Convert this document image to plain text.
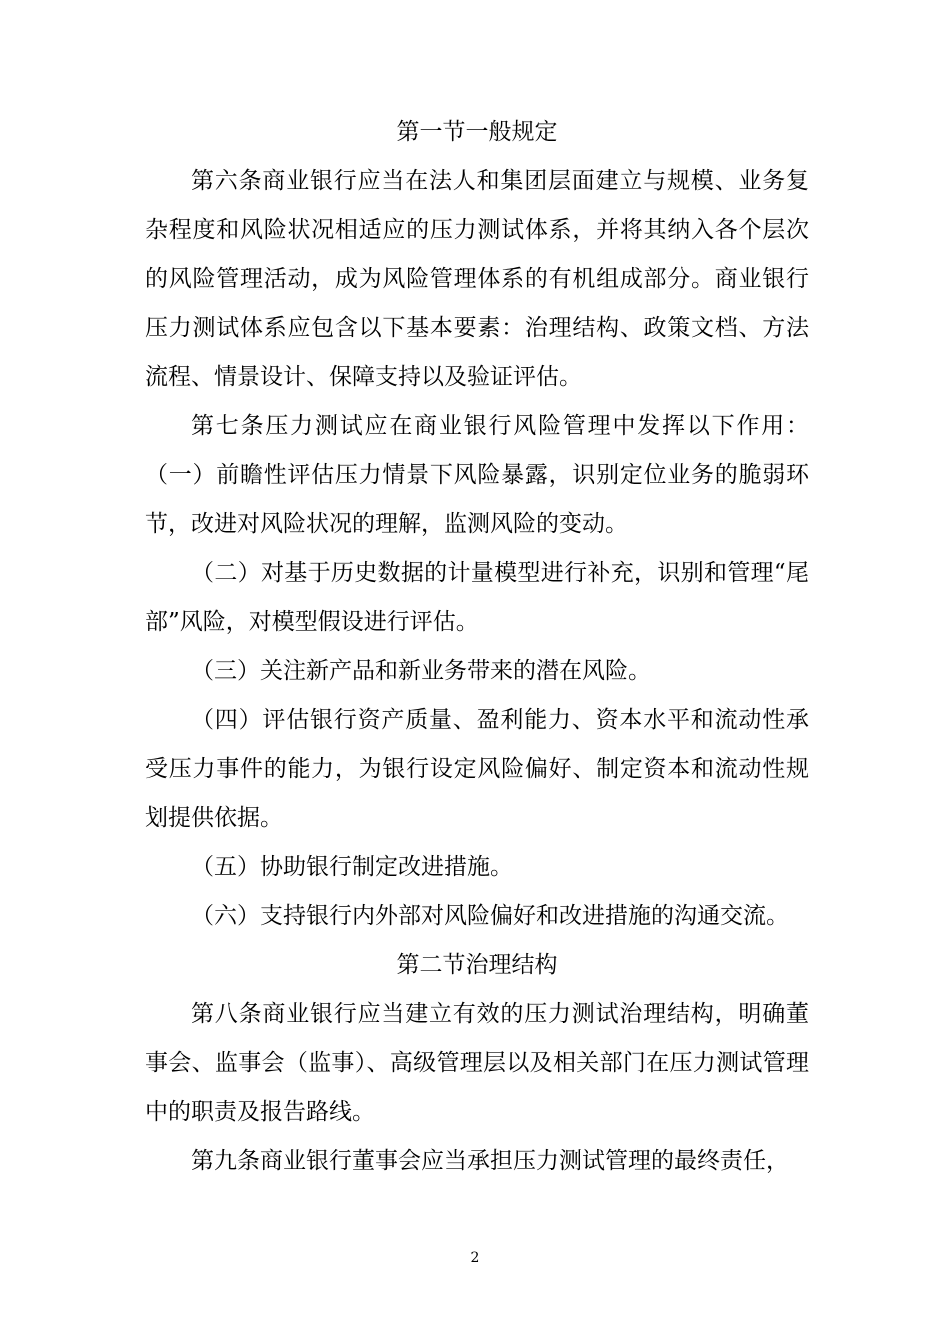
第一节一般规定

第六条商业银行应当在法人和集团层面建立与规模、业务复杂程度和风险状况相适应的压力测试体系，并将其纳入各个层次的风险管理活动，成为风险管理体系的有机组成部分。商业银行压力测试体系应包含以下基本要素：治理结构、政策文档、方法流程、情景设计、保障支持以及验证评估。

第七条压力测试应在商业银行风险管理中发挥以下作用：（一）前瞻性评估压力情景下风险暴露，识别定位业务的脆弱环节，改进对风险状况的理解，监测风险的变动。

（二）对基于历史数据的计量模型进行补充，识别和管理“尾部”风险，对模型假设进行评估。

（三）关注新产品和新业务带来的潜在风险。

（四）评估银行资产质量、盈利能力、资本水平和流动性承受压力事件的能力，为银行设定风险偏好、制定资本和流动性规划提供依据。

（五）协助银行制定改进措施。

（六）支持银行内外部对风险偏好和改进措施的沟通交流。

第二节治理结构

第八条商业银行应当建立有效的压力测试治理结构，明确董事会、监事会（监事）、高级管理层以及相关部门在压力测试管理中的职责及报告路线。

第九条商业银行董事会应当承担压力测试管理的最终责任，

2
